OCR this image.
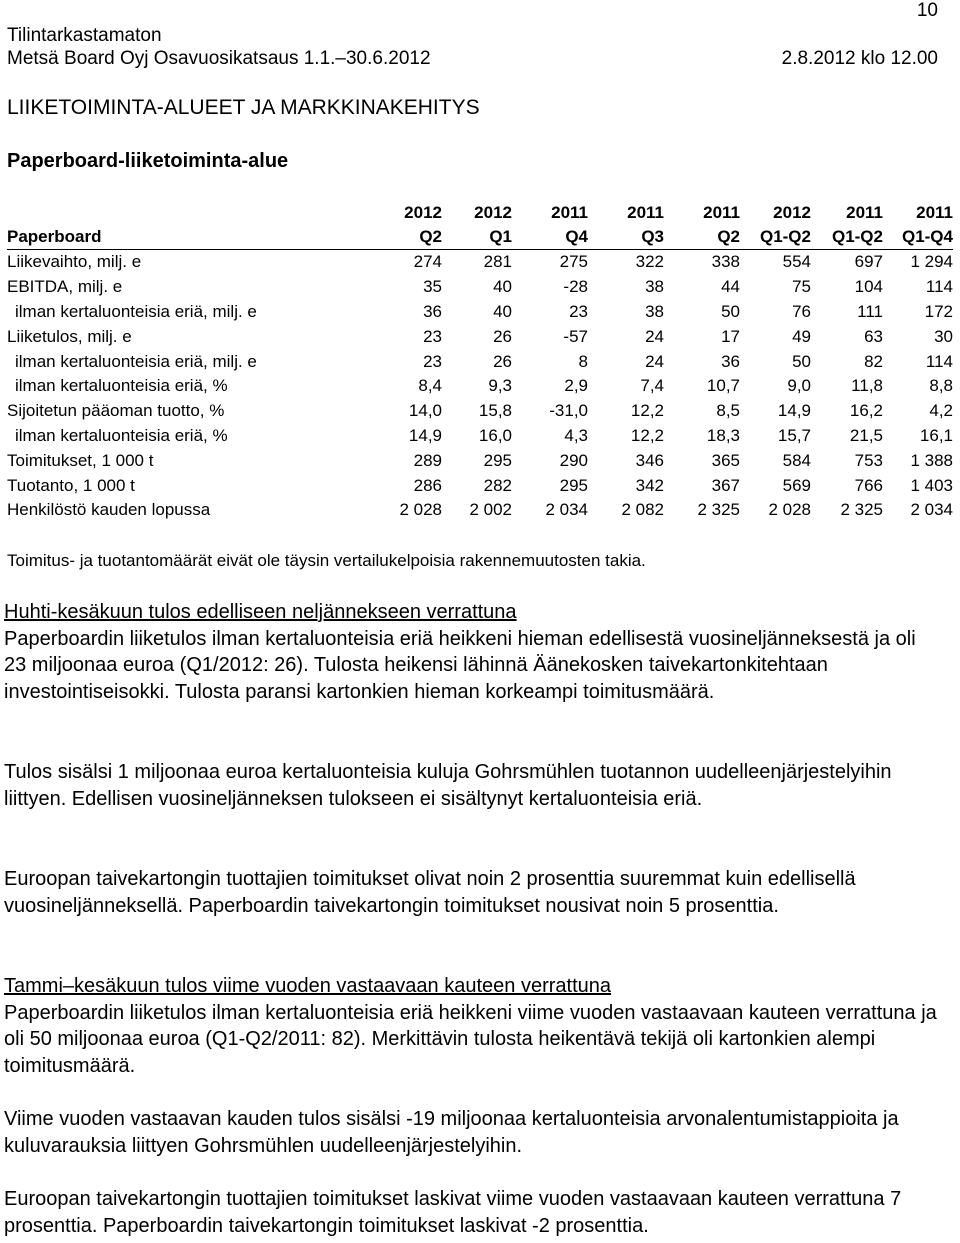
10
Tilintarkastamaton
Metsä Board Oyj Osavuosikatsaus 1.1.–30.6.2012	2.8.2012 klo 12.00
LIIKETOIMINTA-ALUEET JA MARKKINAKEHITYS
Paperboard-liiketoiminta-alue
	2012	2012	2011	2011	2011	2012	2011	2011
Paperboard	Q2	Q1	Q4	Q3	Q2	Q1-Q2	Q1-Q2	Q1-Q4
Liikevaihto, milj. e	274	281	275	322	338	554	697	1 294
EBITDA, milj. e	35	40	-28	38	44	75	104	114
ilman kertaluonteisia eriä, milj. e	36	40	23	38	50	76	111	172
Liiketulos, milj. e	23	26	-57	24	17	49	63	30
ilman kertaluonteisia eriä, milj. e	23	26	8	24	36	50	82	114
ilman kertaluonteisia eriä, %	8,4	9,3	2,9	7,4	10,7	9,0	11,8	8,8
Sijoitetun pääoman tuotto, %	14,0	15,8	-31,0	12,2	8,5	14,9	16,2	4,2
ilman kertaluonteisia eriä, %	14,9	16,0	4,3	12,2	18,3	15,7	21,5	16,1
Toimitukset, 1 000 t	289	295	290	346	365	584	753	1 388
Tuotanto, 1 000 t	286	282	295	342	367	569	766	1 403
Henkilöstö kauden lopussa	2 028	2 002	2 034	2 082	2 325	2 028	2 325	2 034
Toimitus- ja tuotantomäärät eivät ole täysin vertailukelpoisia rakennemuutosten takia.

Huhti-kesäkuun tulos edelliseen neljännekseen verrattuna

Paperboardin liiketulos ilman kertaluonteisia eriä heikkeni hieman edellisestä vuosineljänneksestä ja oli 23 miljoonaa euroa (Q1/2012: 26). Tulosta heikensi lähinnä Äänekosken taivekartonkitehtaan investointiseisokki. Tulosta paransi kartonkien hieman korkeampi toimitusmäärä.

Tulos sisälsi 1 miljoonaa euroa kertaluonteisia kuluja Gohrsmühlen tuotannon uudelleenjärjestelyihin liittyen. Edellisen vuosineljänneksen tulokseen ei sisältynyt kertaluonteisia eriä.

Euroopan taivekartongin tuottajien toimitukset olivat noin 2 prosenttia suuremmat kuin edellisellä vuosineljänneksellä. Paperboardin taivekartongin toimitukset nousivat noin 5 prosenttia.

Tammi–kesäkuun tulos viime vuoden vastaavaan kauteen verrattuna

Paperboardin liiketulos ilman kertaluonteisia eriä heikkeni viime vuoden vastaavaan kauteen verrattuna ja oli 50 miljoonaa euroa (Q1-Q2/2011: 82). Merkittävin tulosta heikentävä tekijä oli kartonkien alempi toimitusmäärä.

Viime vuoden vastaavan kauden tulos sisälsi -19 miljoonaa kertaluonteisia arvonalentumistappioita ja kuluvarauksia liittyen Gohrsmühlen uudelleenjärjestelyihin.

Euroopan taivekartongin tuottajien toimitukset laskivat viime vuoden vastaavaan kauteen verrattuna 7 prosenttia. Paperboardin taivekartongin toimitukset laskivat -2 prosenttia.
